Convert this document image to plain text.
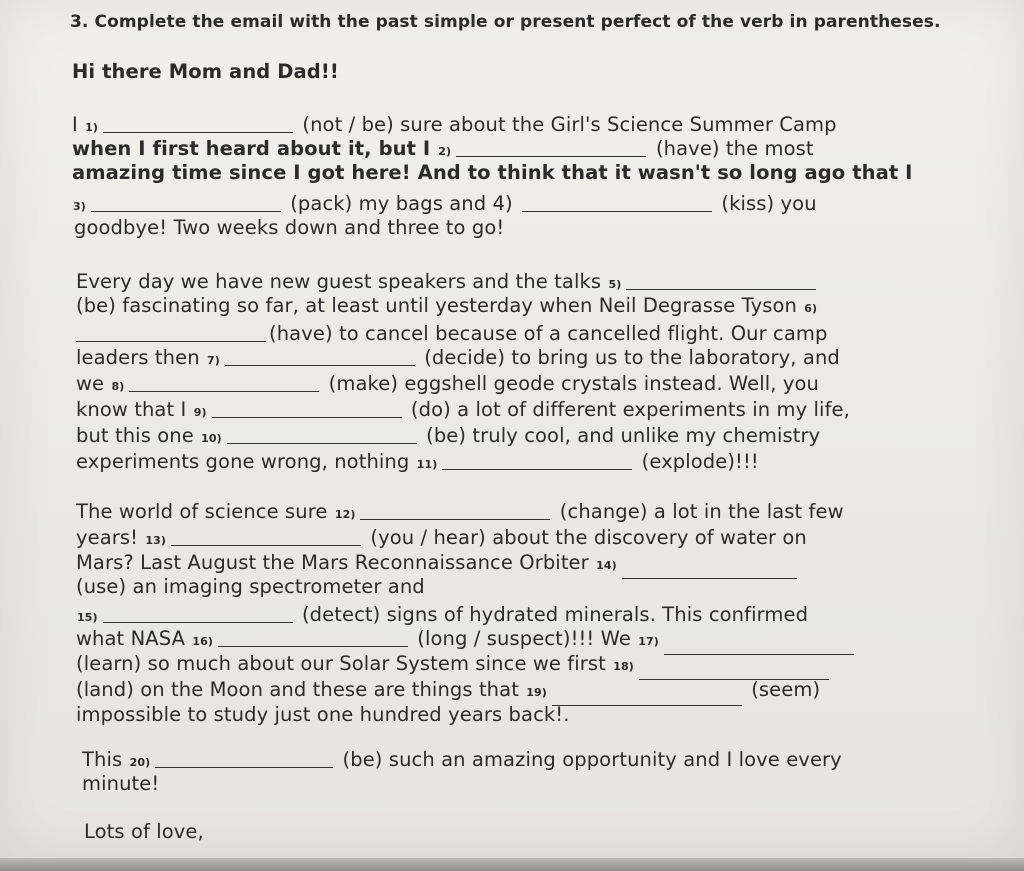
3. Complete the email with the past simple or present perfect of the verb in parentheses.
Hi there Mom and Dad!!
I 1)	(not / be) sure about the Girl's Science Summer Camp
when I first heard about it, but I 2)	(have) the most
amazing time since I got here! And to think that it wasn't so long ago that I
3)	(pack) my bags and 4)	(kiss) you
goodbye! Two weeks down and three to go!
Every day we have new guest speakers and the talks 5)
(be) fascinating so far, at least until yesterday when Neil Degrasse Tyson 6)
(have) to cancel because of a cancelled flight. Our camp
leaders then 7)	(decide) to bring us to the laboratory, and
we 8)	(make) eggshell geode crystals instead. Well, you
know that I 9)	(do) a lot of different experiments in my life,
but this one 10)	(be) truly cool, and unlike my chemistry
experiments gone wrong, nothing 11)	(explode)!!!
The world of science sure 12)	(change) a lot in the last few
years! 13)	(you / hear) about the discovery of water on
Mars? Last August the Mars Reconnaissance Orbiter 14)
(use) an imaging spectrometer and
15)	(detect) signs of hydrated minerals. This confirmed
what NASA 16)	(long / suspect)!!! We 17)
(learn) so much about our Solar System since we first 18)
(land) on the Moon and these are things that 19)	(seem)
impossible to study just one hundred years back!.
This 20)	(be) such an amazing opportunity and I love every
minute!
Lots of love,
